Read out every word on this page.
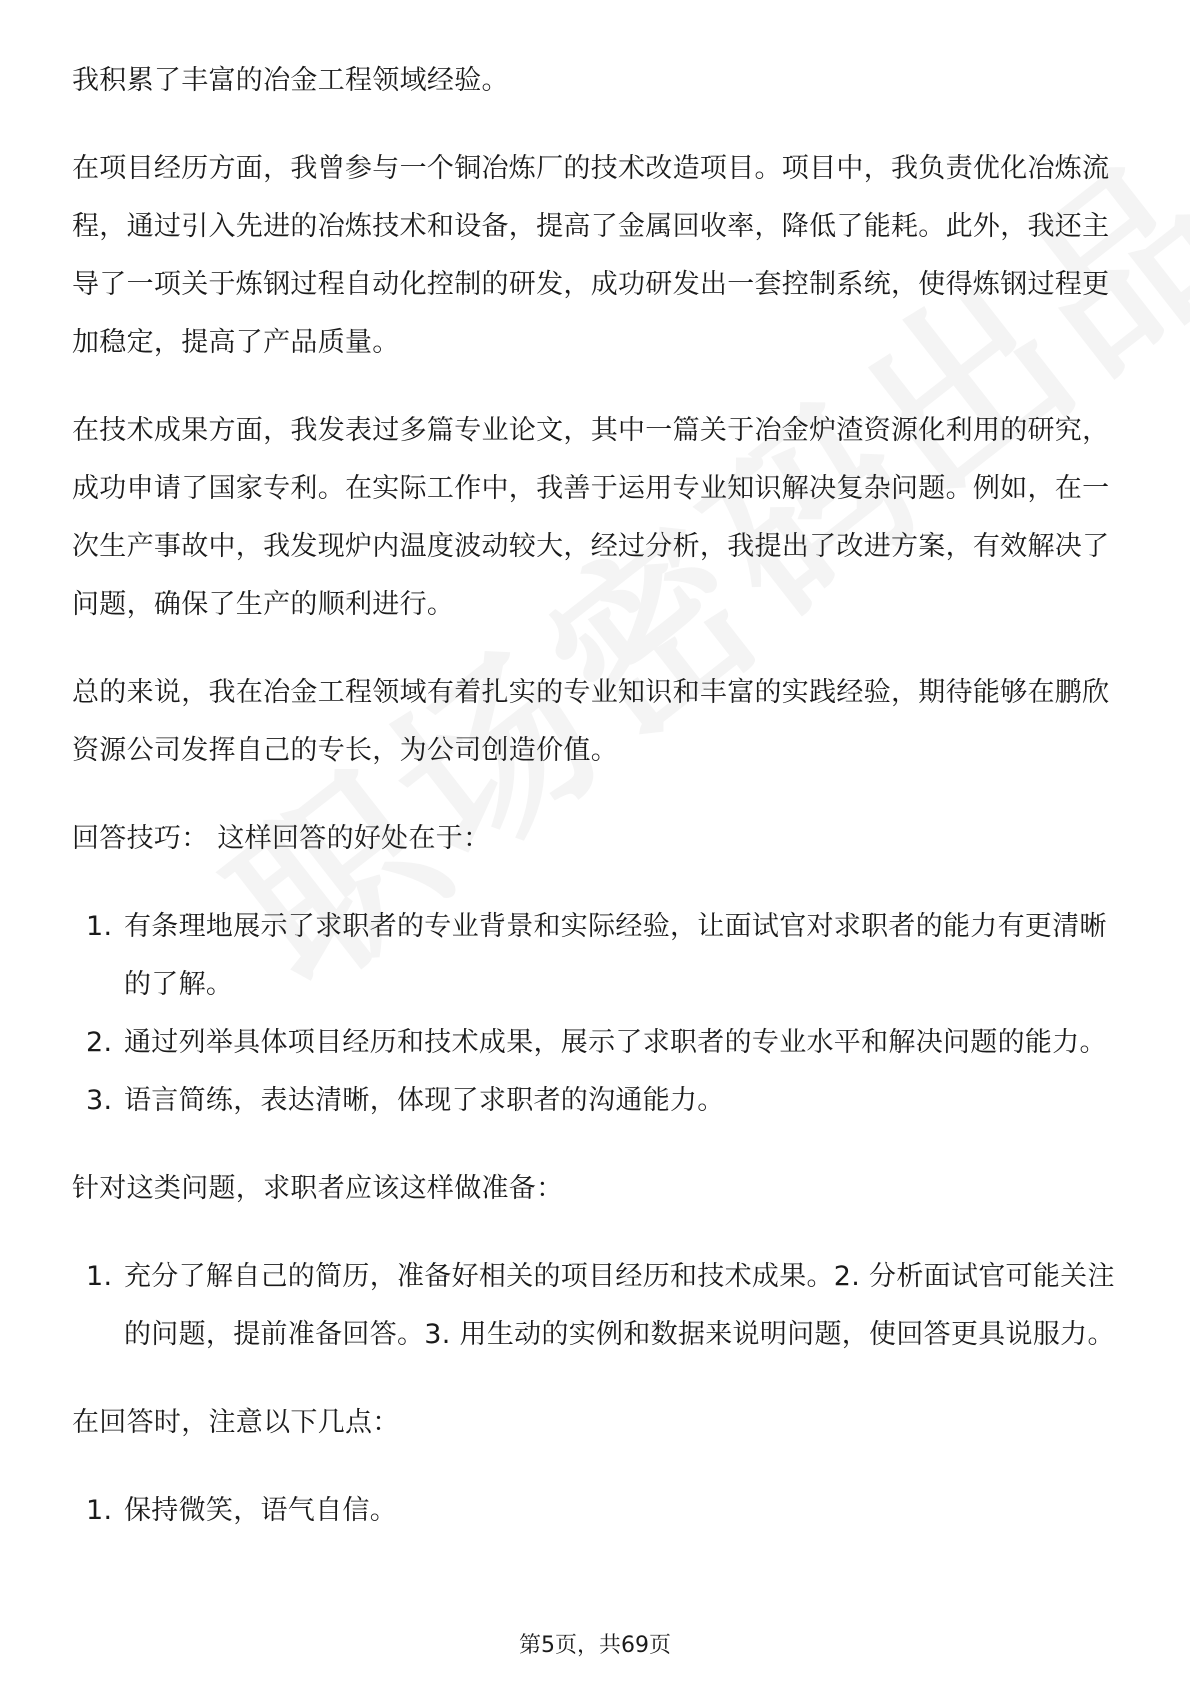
我积累了丰富的冶金工程领域经验。

在项目经历方面，我曾参与一个铜冶炼厂的技术改造项目。项目中，我负责优化冶炼流程，通过引入先进的冶炼技术和设备，提高了金属回收率，降低了能耗。此外，我还主导了一项关于炼钢过程自动化控制的研发，成功研发出一套控制系统，使得炼钢过程更加稳定，提高了产品质量。

在技术成果方面，我发表过多篇专业论文，其中一篇关于冶金炉渣资源化利用的研究，成功申请了国家专利。在实际工作中，我善于运用专业知识解决复杂问题。例如，在一次生产事故中，我发现炉内温度波动较大，经过分析，我提出了改进方案，有效解决了问题，确保了生产的顺利进行。

总的来说，我在冶金工程领域有着扎实的专业知识和丰富的实践经验，期待能够在鹏欣资源公司发挥自己的专长，为公司创造价值。

回答技巧： 这样回答的好处在于：

1. 有条理地展示了求职者的专业背景和实际经验，让面试官对求职者的能力有更清晰的了解。
2. 通过列举具体项目经历和技术成果，展示了求职者的专业水平和解决问题的能力。
3. 语言简练，表达清晰，体现了求职者的沟通能力。

针对这类问题，求职者应该这样做准备：

1. 充分了解自己的简历，准备好相关的项目经历和技术成果。2. 分析面试官可能关注的问题，提前准备回答。3. 用生动的实例和数据来说明问题，使回答更具说服力。

在回答时，注意以下几点：

1. 保持微笑，语气自信。
第5页，共69页
